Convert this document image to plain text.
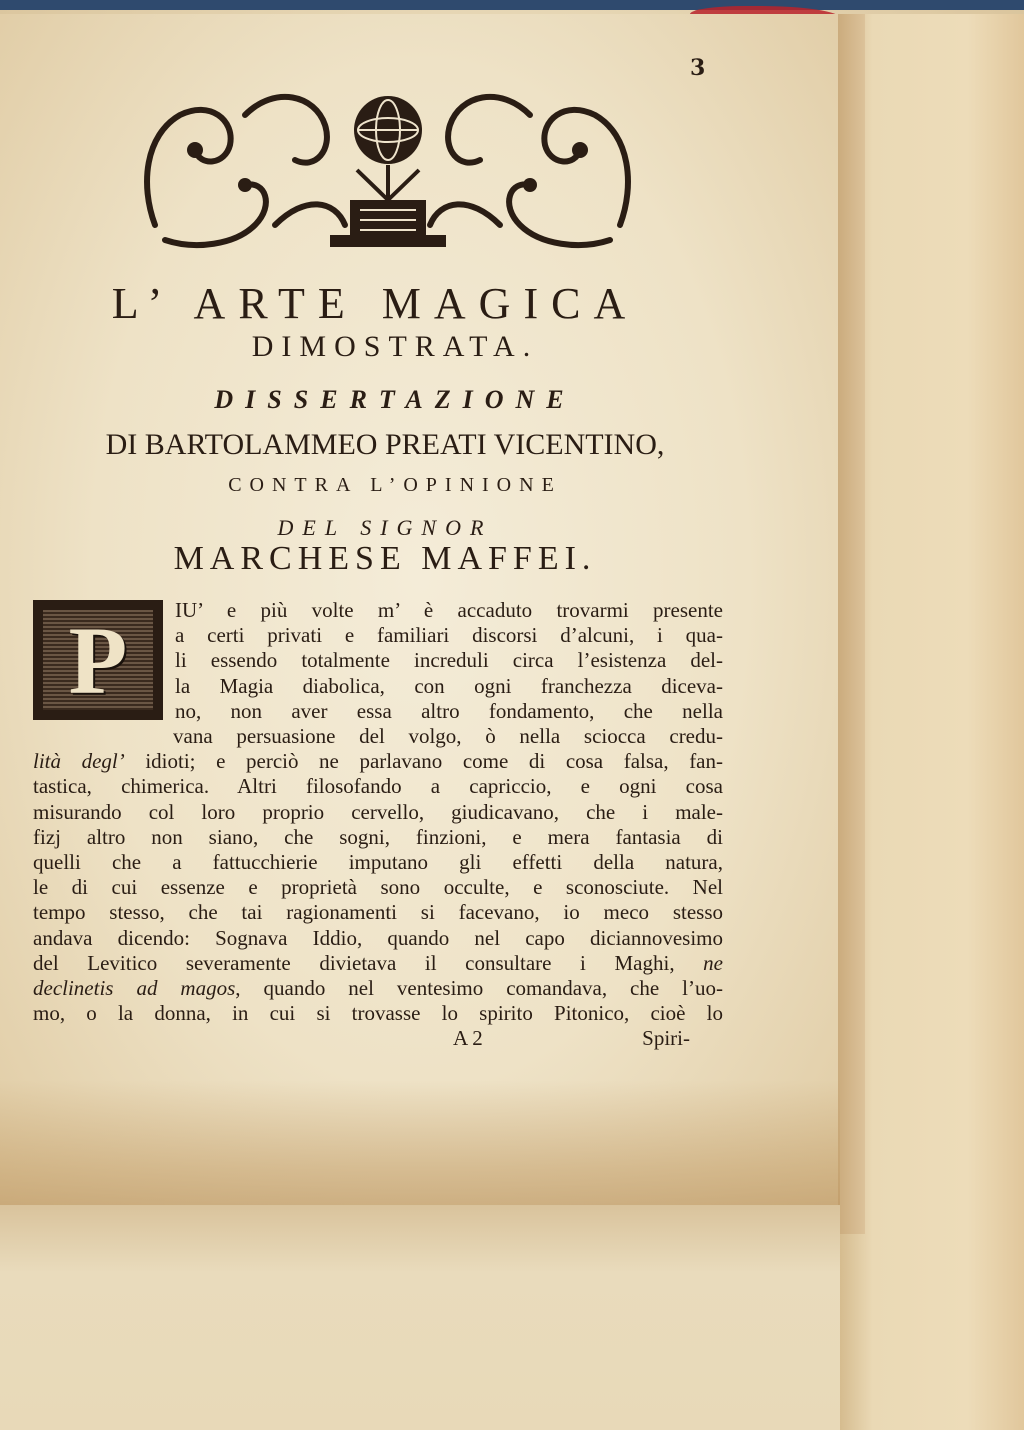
3
L’ ARTE MAGICA
DIMOSTRATA.
DISSERTAZIONE
DI BARTOLAMMEO PREATI VICENTINO,
CONTRA L’OPINIONE
DEL SIGNOR
MARCHESE MAFFEI.
P	IU’ e più volte m’ è accaduto trovarmi presente
a certi privati e familiari discorsi d’alcuni, i qua-
li essendo totalmente increduli circa l’esistenza del-
la Magia diabolica, con ogni franchezza diceva-
no, non aver essa altro fondamento, che nella
vana persuasione del volgo, ò nella sciocca credu-
lità degl’ idioti; e perciò ne parlavano come di cosa falsa, fan-
tastica, chimerica. Altri filosofando a capriccio, e ogni cosa
misurando col loro proprio cervello, giudicavano, che i male-
fizj altro non siano, che sogni, finzioni, e mera fantasia di
quelli che a fattucchierie imputano gli effetti della natura,
le di cui essenze e proprietà sono occulte, e sconosciute. Nel
tempo stesso, che tai ragionamenti si facevano, io meco stesso
andava dicendo: Sognava Iddio, quando nel capo diciannovesimo
del Levitico severamente divietava il consultare i Maghi, ne
declinetis ad magos, quando nel ventesimo comandava, che l’uo-
mo, o la donna, in cui si trovasse lo spirito Pitonico, cioè lo
A 2	Spiri-
